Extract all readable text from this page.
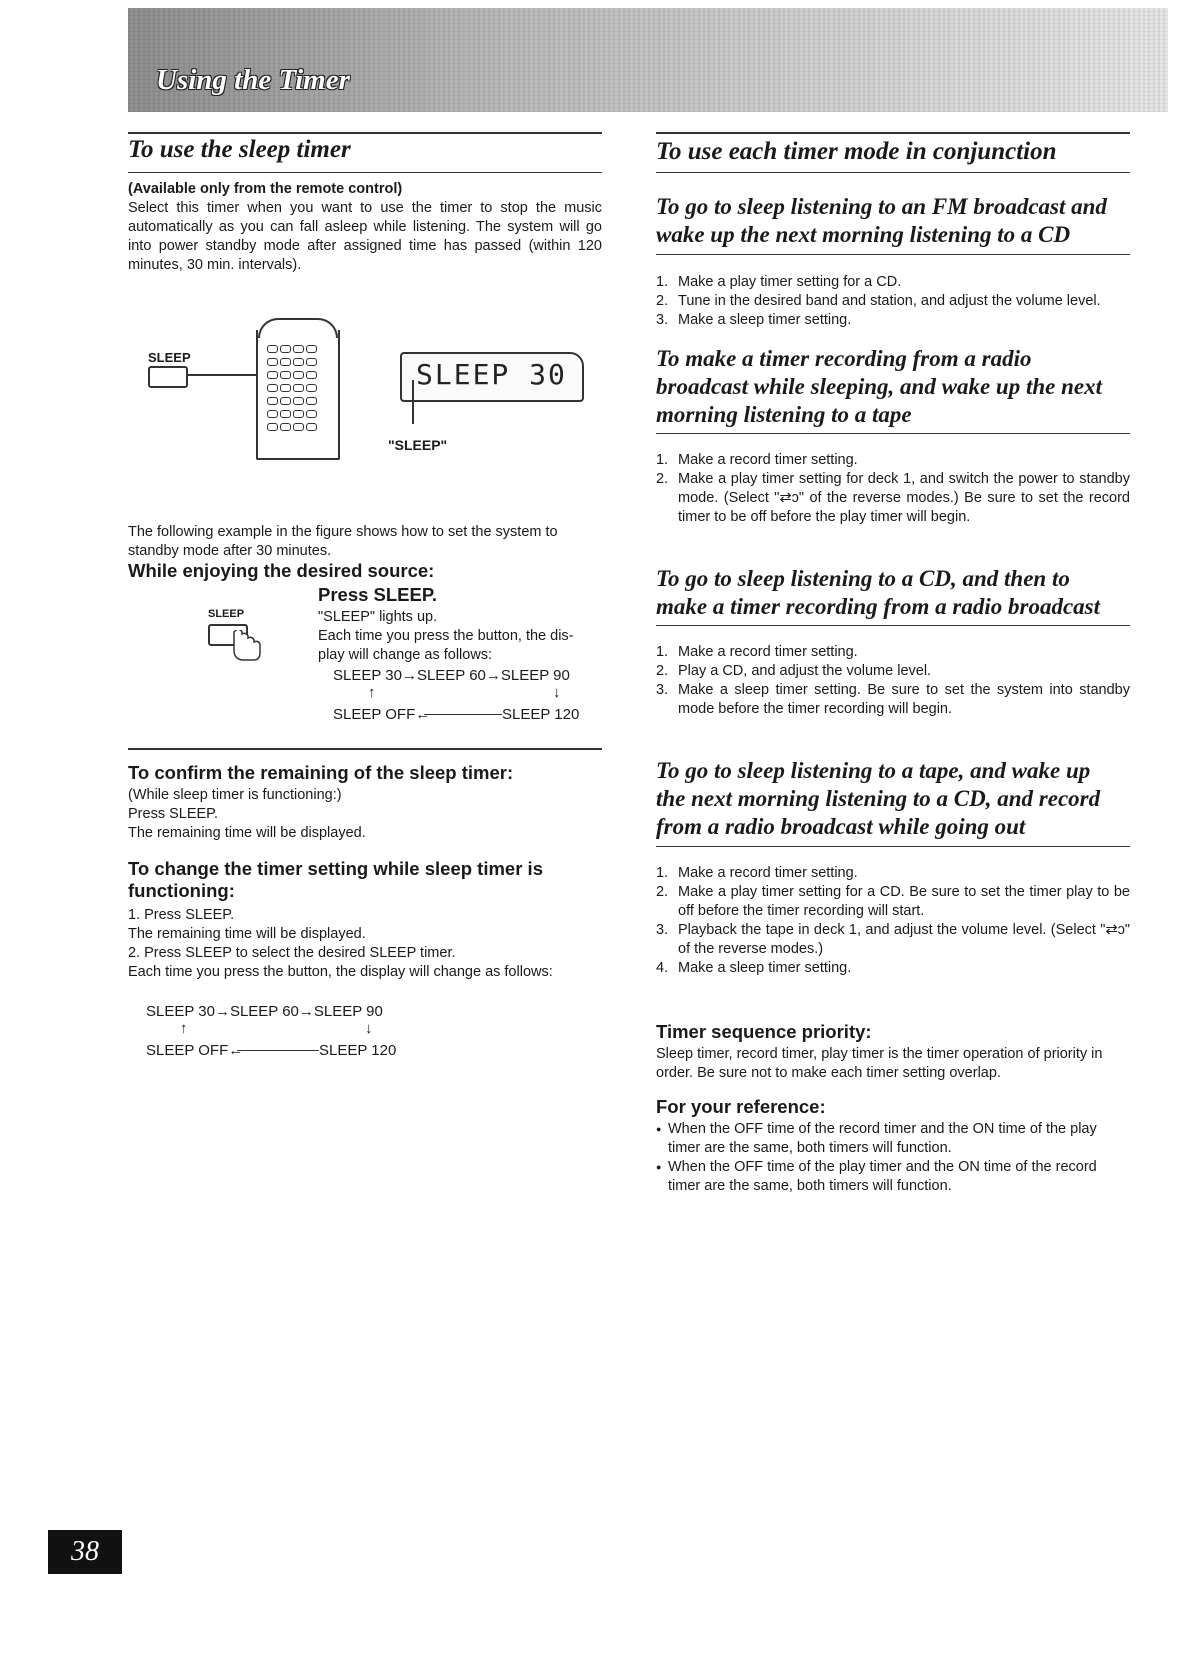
Using the Timer
To use the sleep timer
(Available only from the remote control)
Select this timer when you want to use the timer to stop the music automatically as you can fall asleep while listening. The system will go into power standby mode after assigned time has passed (within 120 minutes, 30 min. intervals).
SLEEP
SLEEP 30
"SLEEP"
The following example in the figure shows how to set the system to standby mode after 30 minutes.
While enjoying the desired source:
Press SLEEP.
SLEEP	"SLEEP" lights up.
Each time you press the button, the dis-
play will change as follows:
SLEEP 30→SLEEP 60→SLEEP 90
↑	↓
SLEEP OFF←	SLEEP 120
To confirm the remaining of the sleep timer:
(While sleep timer is functioning:)
Press SLEEP.
The remaining time will be displayed.
To change the timer setting while sleep timer is functioning:
1. Press SLEEP.
The remaining time will be displayed.
2. Press SLEEP to select the desired SLEEP timer.
Each time you press the button, the display will change as follows:
SLEEP 30→SLEEP 60→SLEEP 90
↑	↓
SLEEP OFF←	SLEEP 120
To use each timer mode in conjunction
To go to sleep listening to an FM broadcast and
wake up the next morning listening to a CD
1. Make a play timer setting for a CD.
2. Tune in the desired band and station, and adjust the volume level.
3. Make a sleep timer setting.
To make a timer recording from a radio
broadcast while sleeping, and wake up the next
morning listening to a tape
1. Make a record timer setting.
2. Make a play timer setting for deck 1, and switch the power to standby mode. (Select "⇄ɔ" of the reverse modes.) Be sure to set the record timer to be off before the play timer will begin.
To go to sleep listening to a CD, and then to
make a timer recording from a radio broadcast
1. Make a record timer setting.
2. Play a CD, and adjust the volume level.
3. Make a sleep timer setting. Be sure to set the system into standby mode before the timer recording will begin.
To go to sleep listening to a tape, and wake up
the next morning listening to a CD, and record
from a radio broadcast while going out
1. Make a record timer setting.
2. Make a play timer setting for a CD. Be sure to set the timer play to be off before the timer recording will start.
3. Playback the tape in deck 1, and adjust the volume level. (Select "⇄ɔ" of the reverse modes.)
4. Make a sleep timer setting.
Timer sequence priority:
Sleep timer, record timer, play timer is the timer operation of priority in order. Be sure not to make each timer setting overlap.
For your reference:
● When the OFF time of the record timer and the ON time of the play timer are the same, both timers will function.
● When the OFF time of the play timer and the ON time of the record timer are the same, both timers will function.
38
